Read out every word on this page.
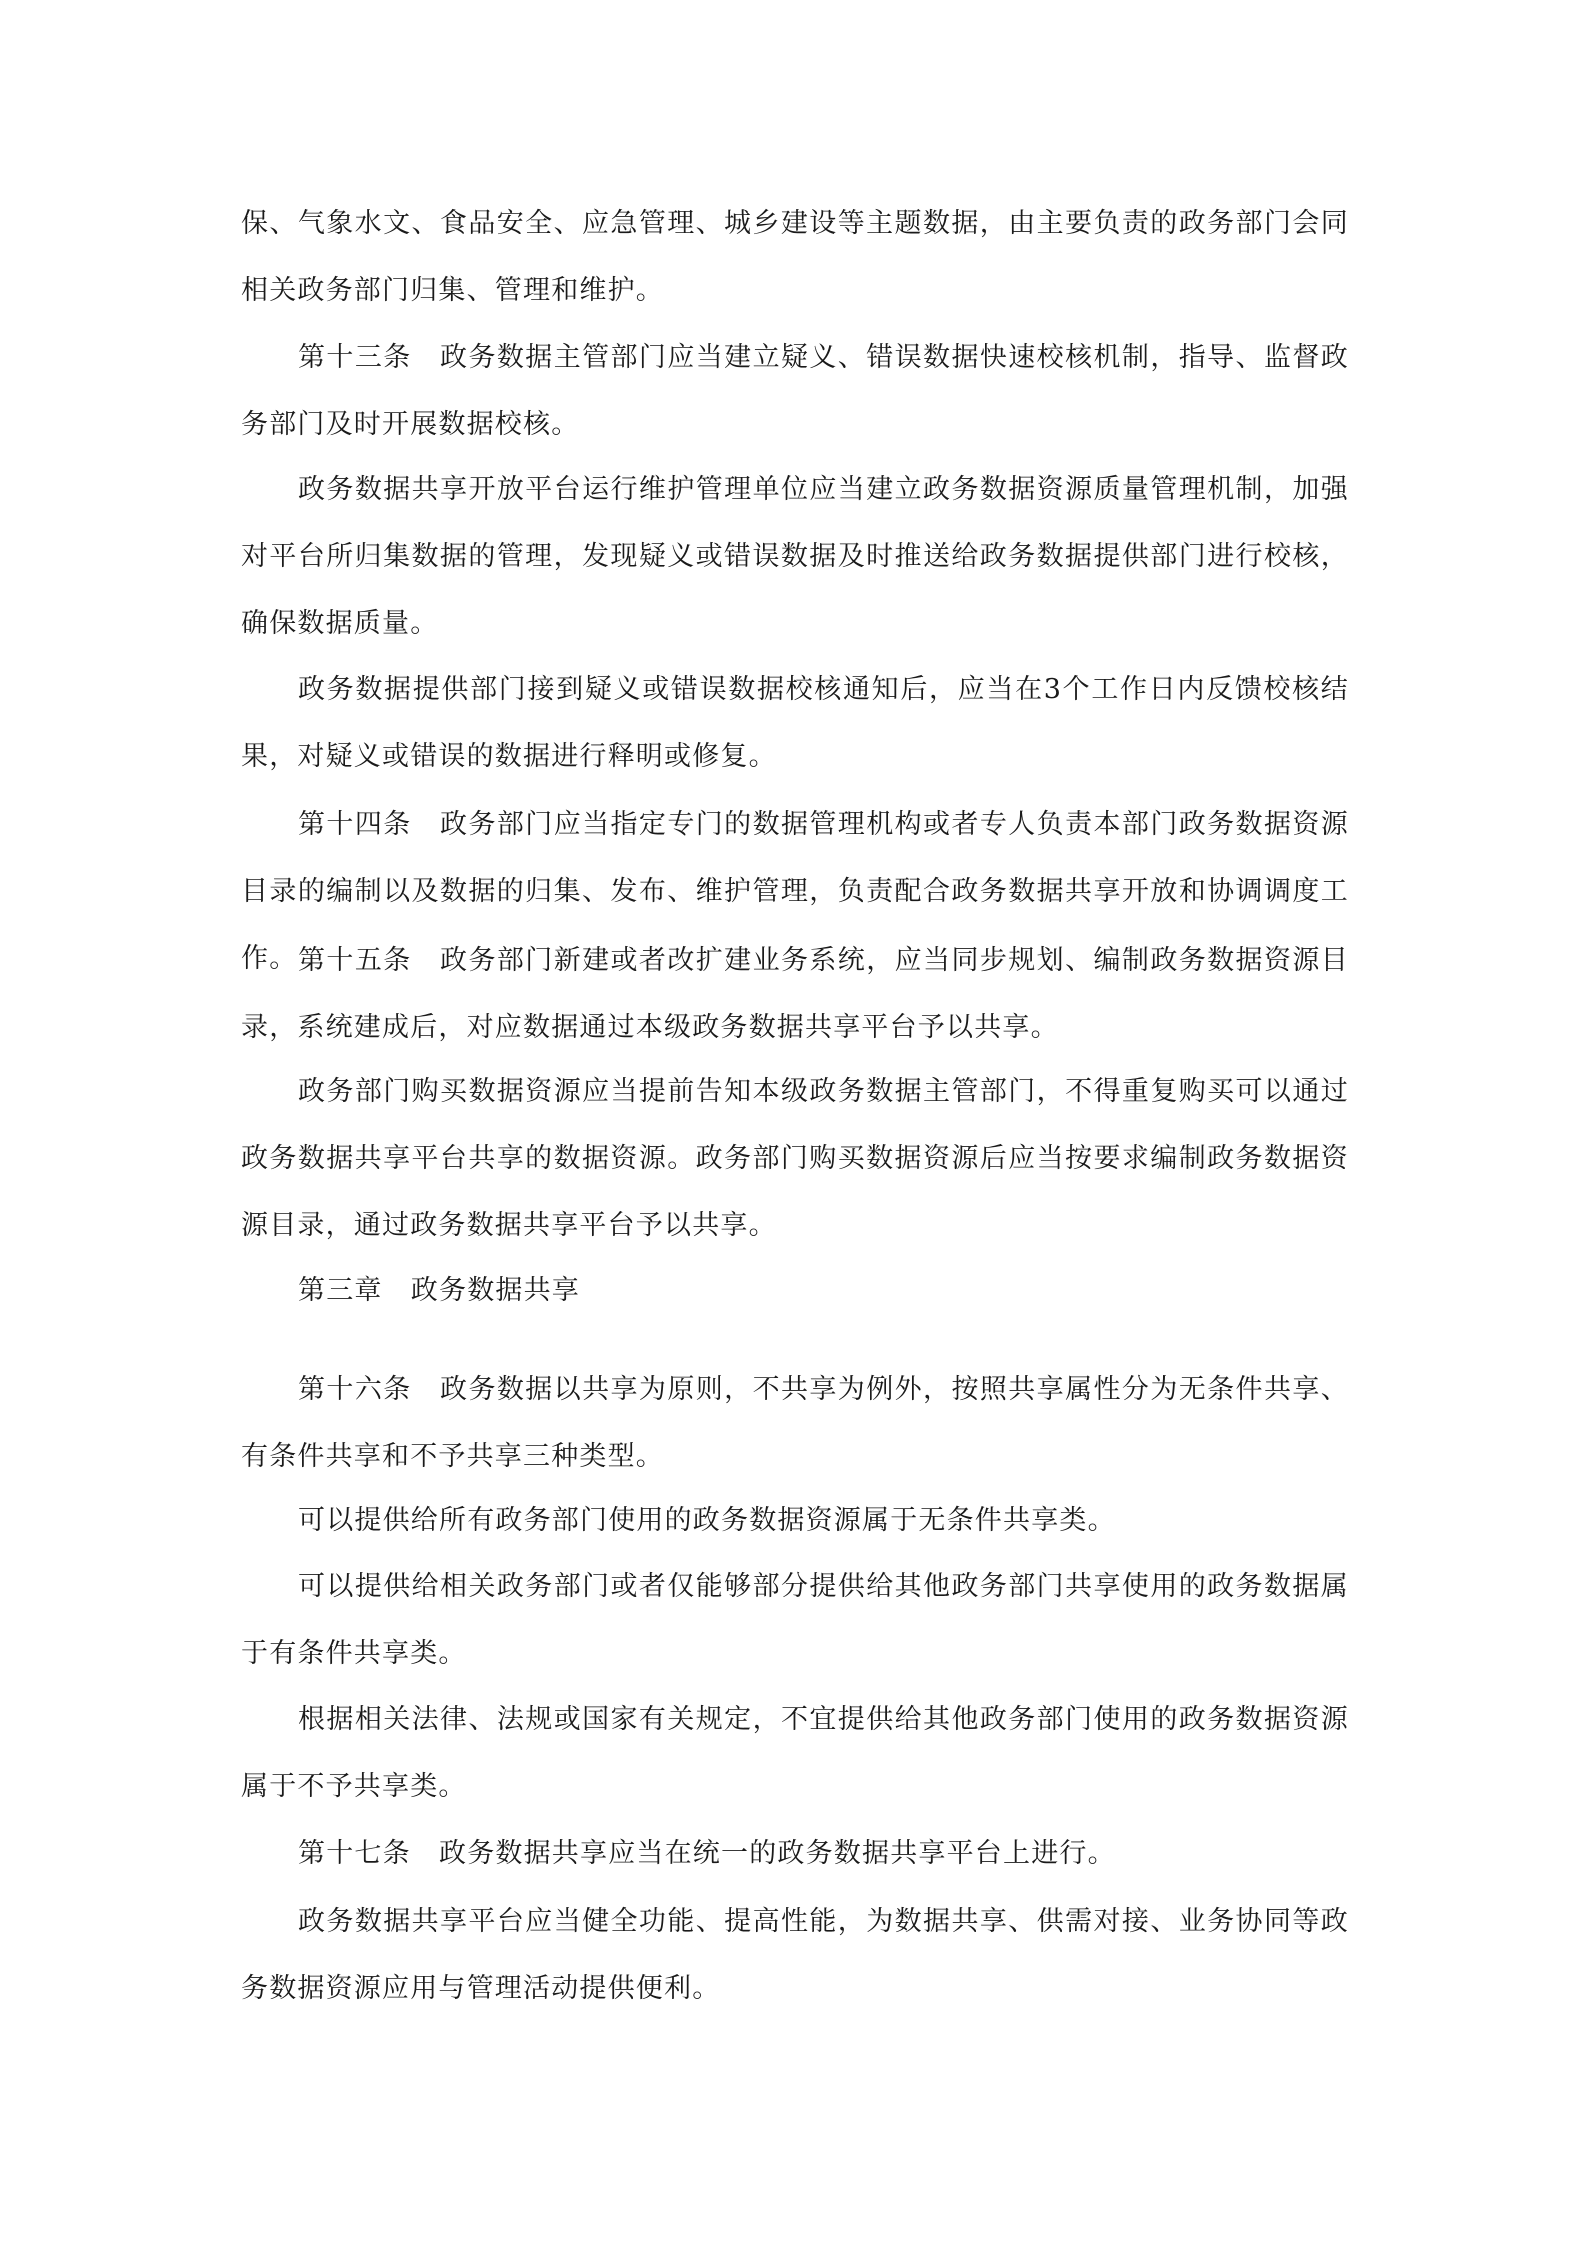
保、气象水文、食品安全、应急管理、城乡建设等主题数据，由主要负责的政务部门会同相关政务部门归集、管理和维护。

第十三条　政务数据主管部门应当建立疑义、错误数据快速校核机制，指导、监督政务部门及时开展数据校核。

政务数据共享开放平台运行维护管理单位应当建立政务数据资源质量管理机制，加强对平台所归集数据的管理，发现疑义或错误数据及时推送给政务数据提供部门进行校核，确保数据质量。

政务数据提供部门接到疑义或错误数据校核通知后，应当在3个工作日内反馈校核结果，对疑义或错误的数据进行释明或修复。

第十四条　政务部门应当指定专门的数据管理机构或者专人负责本部门政务数据资源目录的编制以及数据的归集、发布、维护管理，负责配合政务数据共享开放和协调调度工作。 第十五条　政务部门新建或者改扩建业务系统，应当同步规划、编制政务数据资源目录，系统建成后，对应数据通过本级政务数据共享平台予以共享。

政务部门购买数据资源应当提前告知本级政务数据主管部门，不得重复购买可以通过政务数据共享平台共享的数据资源。政务部门购买数据资源后应当按要求编制政务数据资源目录，通过政务数据共享平台予以共享。

第三章　政务数据共享

第十六条　政务数据以共享为原则，不共享为例外，按照共享属性分为无条件共享、有条件共享和不予共享三种类型。

可以提供给所有政务部门使用的政务数据资源属于无条件共享类。

可以提供给相关政务部门或者仅能够部分提供给其他政务部门共享使用的政务数据属于有条件共享类。

根据相关法律、法规或国家有关规定，不宜提供给其他政务部门使用的政务数据资源属于不予共享类。

第十七条　政务数据共享应当在统一的政务数据共享平台上进行。

政务数据共享平台应当健全功能、提高性能，为数据共享、供需对接、业务协同等政务数据资源应用与管理活动提供便利。
